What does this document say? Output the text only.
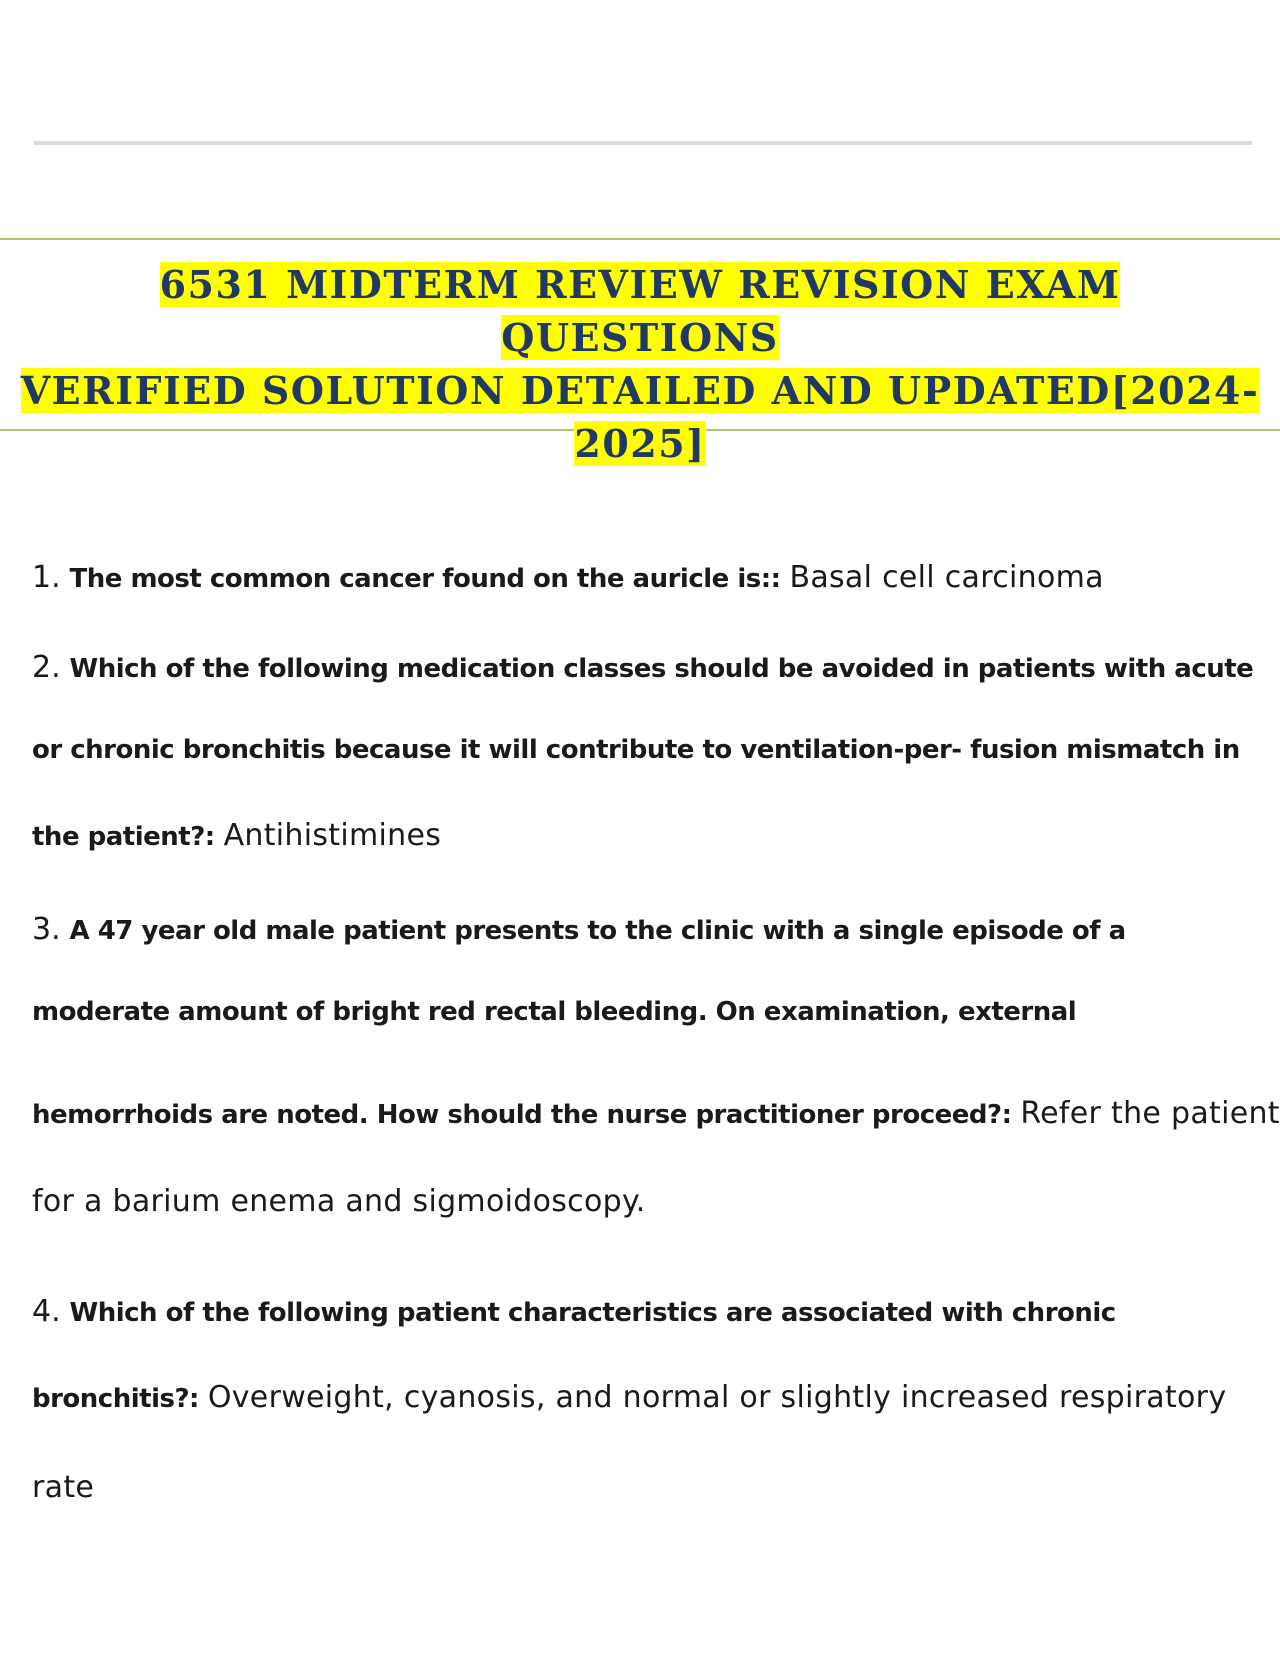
6531 MIDTERM REVIEW REVISION EXAM QUESTIONS
VERIFIED SOLUTION DETAILED AND UPDATED[2024-
2025]
1. The most common cancer found on the auricle is:: Basal cell carcinoma
2. Which of the following medication classes should be avoided in patients with acute
or chronic bronchitis because it will contribute to ventilation-per- fusion mismatch in
the patient?: Antihistimines
3. A 47 year old male patient presents to the clinic with a single episode of a
moderate amount of bright red rectal bleeding. On examination, external
hemorrhoids are noted. How should the nurse practitioner proceed?: Refer the patient
for a barium enema and sigmoidoscopy.
4. Which of the following patient characteristics are associated with chronic
bronchitis?: Overweight, cyanosis, and normal or slightly increased respiratory
rate
